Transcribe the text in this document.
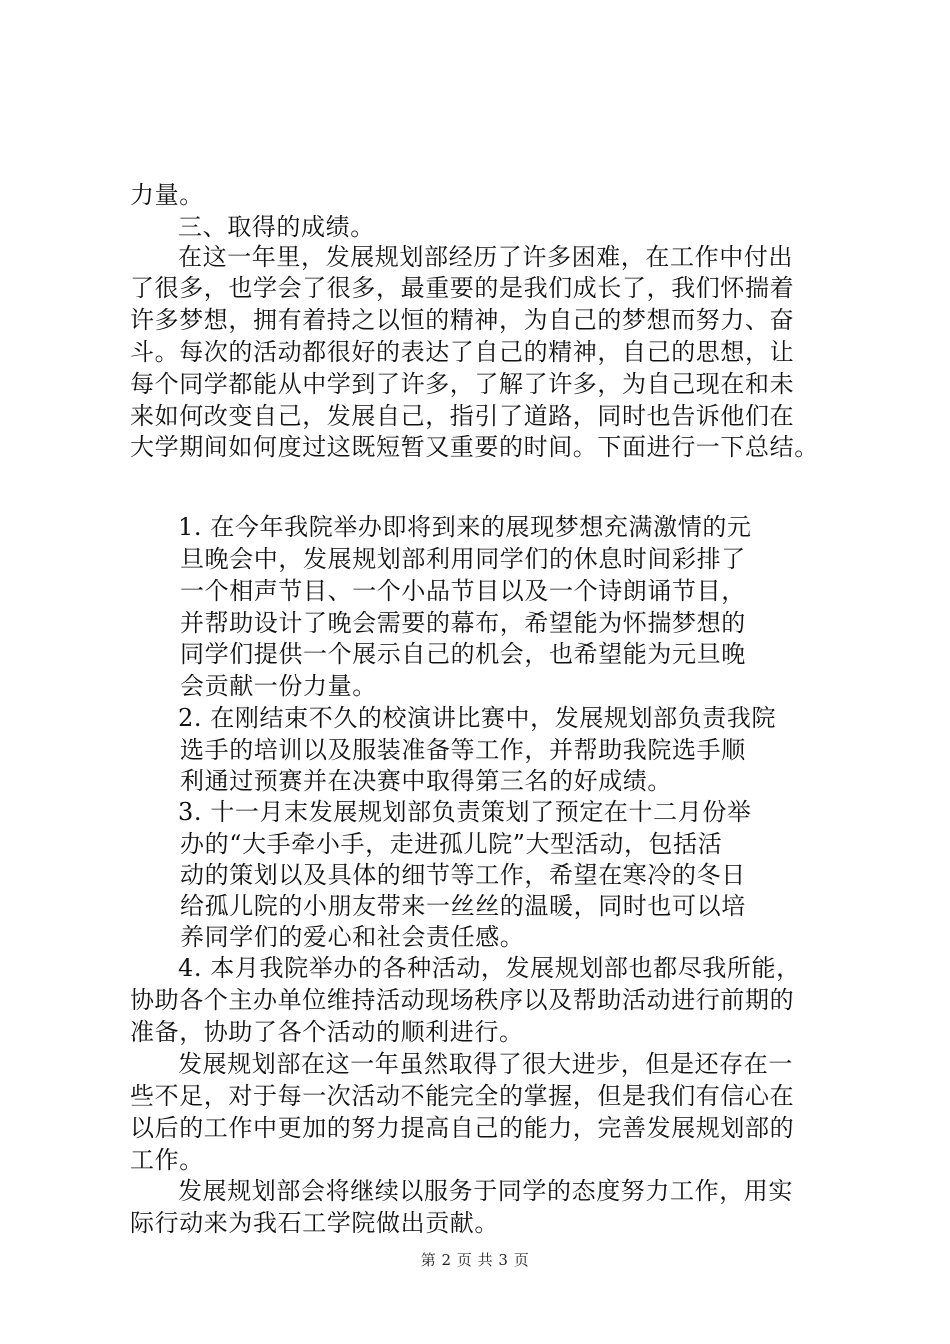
力量。
三、取得的成绩。
在这一年里，发展规划部经历了许多困难，在工作中付出
了很多，也学会了很多，最重要的是我们成长了，我们怀揣着
许多梦想，拥有着持之以恒的精神，为自己的梦想而努力、奋
斗。每次的活动都很好的表达了自己的精神，自己的思想，让
每个同学都能从中学到了许多，了解了许多，为自己现在和未
来如何改变自己，发展自己，指引了道路，同时也告诉他们在
大学期间如何度过这既短暂又重要的时间。下面进行一下总结。
1. 在今年我院举办即将到来的展现梦想充满激情的元
旦晚会中，发展规划部利用同学们的休息时间彩排了
一个相声节目、一个小品节目以及一个诗朗诵节目，
并帮助设计了晚会需要的幕布，希望能为怀揣梦想的
同学们提供一个展示自己的机会，也希望能为元旦晚
会贡献一份力量。
2. 在刚结束不久的校演讲比赛中，发展规划部负责我院
选手的培训以及服装准备等工作，并帮助我院选手顺
利通过预赛并在决赛中取得第三名的好成绩。
3. 十一月末发展规划部负责策划了预定在十二月份举
办的“大手牵小手，走进孤儿院”大型活动，包括活
动的策划以及具体的细节等工作，希望在寒冷的冬日
给孤儿院的小朋友带来一丝丝的温暖，同时也可以培
养同学们的爱心和社会责任感。
4. 本月我院举办的各种活动，发展规划部也都尽我所能，
协助各个主办单位维持活动现场秩序以及帮助活动进行前期的
准备，协助了各个活动的顺利进行。
发展规划部在这一年虽然取得了很大进步，但是还存在一
些不足，对于每一次活动不能完全的掌握，但是我们有信心在
以后的工作中更加的努力提高自己的能力，完善发展规划部的
工作。
发展规划部会将继续以服务于同学的态度努力工作，用实
际行动来为我石工学院做出贡献。
第 2 页 共 3 页
